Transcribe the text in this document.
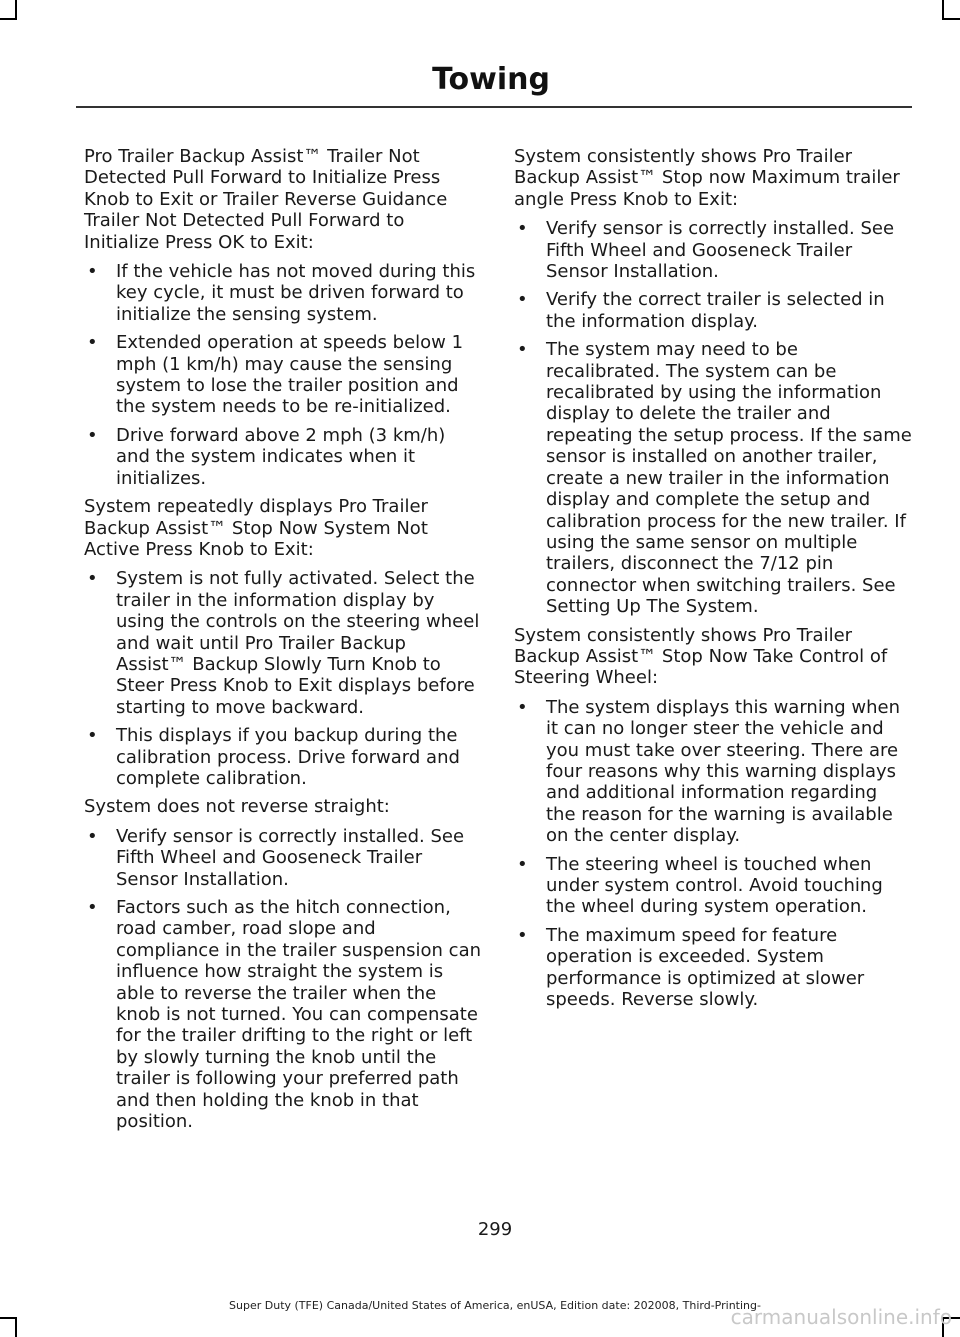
Towing

Pro Trailer Backup Assist™ Trailer Not Detected Pull Forward to Initialize Press Knob to Exit or Trailer Reverse Guidance Trailer Not Detected Pull Forward to Initialize Press OK to Exit:

• If the vehicle has not moved during this key cycle, it must be driven forward to initialize the sensing system.
• Extended operation at speeds below 1 mph (1 km/h) may cause the sensing system to lose the trailer position and the system needs to be re-initialized.
• Drive forward above 2 mph (3 km/h) and the system indicates when it initializes.

System repeatedly displays Pro Trailer Backup Assist™ Stop Now System Not Active Press Knob to Exit:

• System is not fully activated. Select the trailer in the information display by using the controls on the steering wheel and wait until Pro Trailer Backup Assist™ Backup Slowly Turn Knob to Steer Press Knob to Exit displays before starting to move backward.
• This displays if you backup during the calibration process. Drive forward and complete calibration.

System does not reverse straight:

• Verify sensor is correctly installed. See Fifth Wheel and Gooseneck Trailer Sensor Installation.
• Factors such as the hitch connection, road camber, road slope and compliance in the trailer suspension can influence how straight the system is able to reverse the trailer when the knob is not turned. You can compensate for the trailer drifting to the right or left by slowly turning the knob until the trailer is following your preferred path and then holding the knob in that position.

System consistently shows Pro Trailer Backup Assist™ Stop now Maximum trailer angle Press Knob to Exit:

• Verify sensor is correctly installed. See Fifth Wheel and Gooseneck Trailer Sensor Installation.
• Verify the correct trailer is selected in the information display.
• The system may need to be recalibrated. The system can be recalibrated by using the information display to delete the trailer and repeating the setup process. If the same sensor is installed on another trailer, create a new trailer in the information display and complete the setup and calibration process for the new trailer. If using the same sensor on multiple trailers, disconnect the 7/12 pin connector when switching trailers. See Setting Up The System.

System consistently shows Pro Trailer Backup Assist™ Stop Now Take Control of Steering Wheel:

• The system displays this warning when it can no longer steer the vehicle and you must take over steering. There are four reasons why this warning displays and additional information regarding the reason for the warning is available on the center display.
• The steering wheel is touched when under system control. Avoid touching the wheel during system operation.
• The maximum speed for feature operation is exceeded. System performance is optimized at slower speeds. Reverse slowly.
299
Super Duty (TFE) Canada/United States of America, enUSA, Edition date: 202008, Third-Printing-
carmanualsonline.info
